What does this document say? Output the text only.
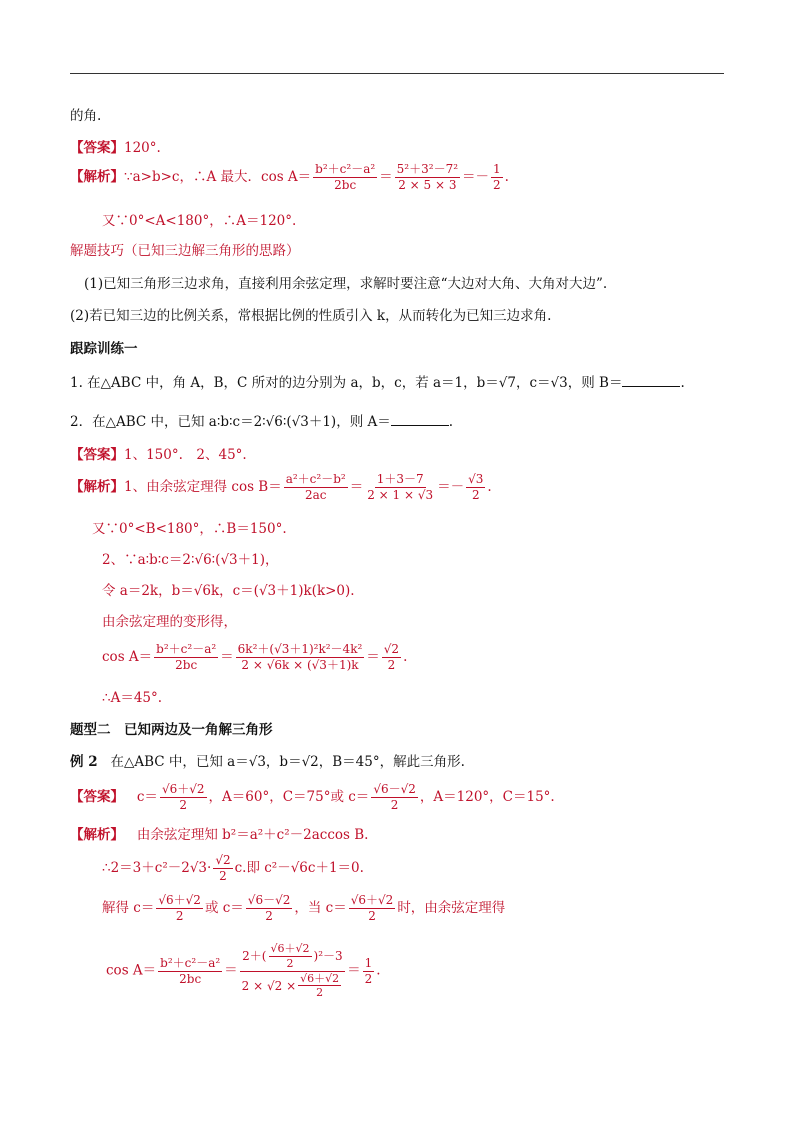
的角.
【答案】120°.
【解析】∵a>b>c，∴A 最大．$\cos A= \frac{\text{b²＋c²－a²}}{2bc} = \frac{\text{5²＋3²－7²}}{2 \times 5 \times 3} =- \frac{1}{2}$ .
又∵0°<A<180°，∴A＝120°.
解题技巧（已知三边解三角形的思路）
(1)已知三角形三边求角，直接利用余弦定理，求解时要注意“大边对大角、大角对大边”.
(2)若已知三边的比例关系，常根据比例的性质引入 k，从而转化为已知三边求角.
跟踪训练一
1. 在△ABC 中，角 A，B，C 所对的边分别为 a，b，c，若 a＝1，b＝√7，c＝√3，则 B＝	.
2．在△ABC 中，已知 a∶b∶c＝2∶√6∶(√3＋1)，则 A＝	.
【答案】1、150°.　2、45°.
【解析】1、由余弦定理得 $\cos B= \frac{\text{a²＋c²－b²}}{2ac} = \frac{1+3-7}{2 \times 1 \times √3} =- \frac{√3}{2}$ .
又∵0°<B<180°，∴B＝150°.
2、∵a∶b∶c＝2∶√6∶(√3＋1)，
令 a＝2k，b＝√6k，c＝(√3＋1)k(k>0).
由余弦定理的变形得，
$\cos A= \frac{\text{b²＋c²－a²}}{2bc} = \frac{\text{6k²＋(√3＋1)²k²－4k²}}{2 \times √6k \times (√3+1)k} = \frac{√2}{2}$ .
∴A＝45°.
题型二　已知两边及一角解三角形
例 2 在△ABC 中，已知 a＝√3，b＝√2，B＝45°，解此三角形.
【答案】 $c= \frac{√6+√2}{2}$ ，A＝60°，C＝75°或 $c= \frac{√6-√2}{2}$ ，A＝120°，C＝15°.
【解析】 由余弦定理知 b²＝a²＋c²－2accos B.
∴2＝3＋c²－2√3· $\frac{√2}{2} c$.即 c²－√6c＋1＝0.
解得 $c= \frac{√6+√2}{2}$ 或 $c= \frac{√6-√2}{2}$ ，当 $c= \frac{√6+√2}{2}$ 时，由余弦定理得
$\cos A= \frac{\text{b²＋c²－a²}}{2bc} = \frac{2+( \frac{√6+√2}{2} )^2-3}{2 \times √2 \times \frac{√6+√2}{2}} = \frac{1}{2}$ .
